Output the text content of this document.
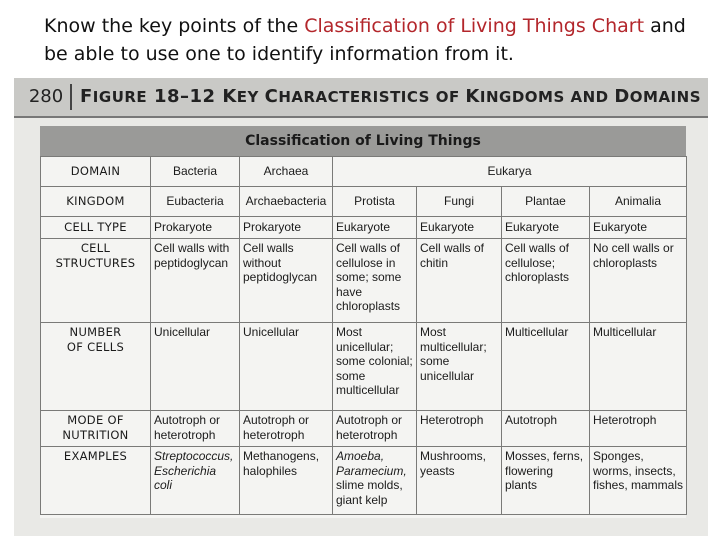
Know the key points of the Classification of Living Things Chart and be able to use one to identify information from it.
280 FIGURE 18–12 KEY CHARACTERISTICS OF KINGDOMS AND DOMAINS
Classification of Living Things
DOMAIN	Bacteria	Archaea	Eukarya			
KINGDOM	Eubacteria	Archaebacteria	Protista	Fungi	Plantae	Animalia
CELL TYPE	Prokaryote	Prokaryote	Eukaryote	Eukaryote	Eukaryote	Eukaryote
CELL
STRUCTURES	Cell walls with peptidoglycan	Cell walls without peptidoglycan	Cell walls of cellulose in some; some have chloroplasts	Cell walls of chitin	Cell walls of cellulose; chloroplasts	No cell walls or chloroplasts
NUMBER
OF CELLS	Unicellular	Unicellular	Most unicellular; some colonial; some multicellular	Most multicellular; some unicellular	Multicellular	Multicellular
MODE OF
NUTRITION	Autotroph or heterotroph	Autotroph or heterotroph	Autotroph or heterotroph	Heterotroph	Autotroph	Heterotroph
EXAMPLES	Streptococcus, Escherichia coli	Methanogens, halophiles	Amoeba, Paramecium, slime molds, giant kelp	Mushrooms, yeasts	Mosses, ferns, flowering plants	Sponges, worms, insects, fishes, mammals
